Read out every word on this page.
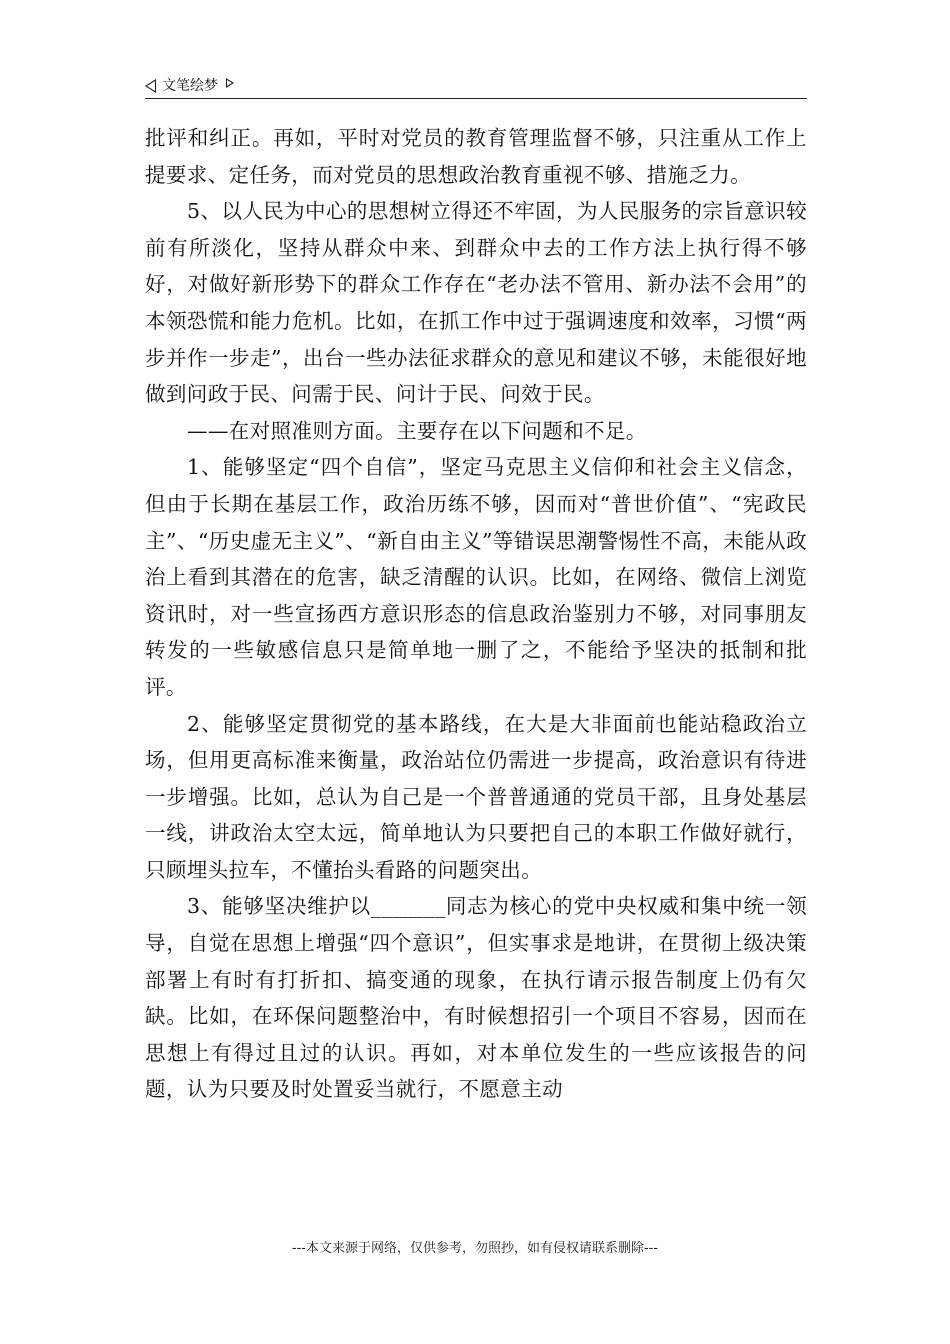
文笔绘梦

批评和纠正。再如，平时对党员的教育管理监督不够，只注重从工作上提要求、定任务，而对党员的思想政治教育重视不够、措施乏力。

5、以人民为中心的思想树立得还不牢固，为人民服务的宗旨意识较前有所淡化，坚持从群众中来、到群众中去的工作方法上执行得不够好，对做好新形势下的群众工作存在“老办法不管用、新办法不会用”的本领恐慌和能力危机。比如，在抓工作中过于强调速度和效率，习惯“两步并作一步走”，出台一些办法征求群众的意见和建议不够，未能很好地做到问政于民、问需于民、问计于民、问效于民。

——在对照准则方面。主要存在以下问题和不足。

1、能够坚定“四个自信”，坚定马克思主义信仰和社会主义信念，但由于长期在基层工作，政治历练不够，因而对“普世价值”、“宪政民主”、“历史虚无主义”、“新自由主义”等错误思潮警惕性不高，未能从政治上看到其潜在的危害，缺乏清醒的认识。比如，在网络、微信上浏览资讯时，对一些宣扬西方意识形态的信息政治鉴别力不够，对同事朋友转发的一些敏感信息只是简单地一删了之，不能给予坚决的抵制和批评。

2、能够坚定贯彻党的基本路线，在大是大非面前也能站稳政治立场，但用更高标准来衡量，政治站位仍需进一步提高，政治意识有待进一步增强。比如，总认为自己是一个普普通通的党员干部，且身处基层一线，讲政治太空太远，简单地认为只要把自己的本职工作做好就行，只顾埋头拉车，不懂抬头看路的问题突出。

3、能够坚决维护以_______同志为核心的党中央权威和集中统一领导，自觉在思想上增强“四个意识”，但实事求是地讲，在贯彻上级决策部署上有时有打折扣、搞变通的现象，在执行请示报告制度上仍有欠缺。比如，在环保问题整治中，有时候想招引一个项目不容易，因而在思想上有得过且过的认识。再如，对本单位发生的一些应该报告的问题，认为只要及时处置妥当就行，不愿意主动

---本文来源于网络，仅供参考，勿照抄，如有侵权请联系删除---
